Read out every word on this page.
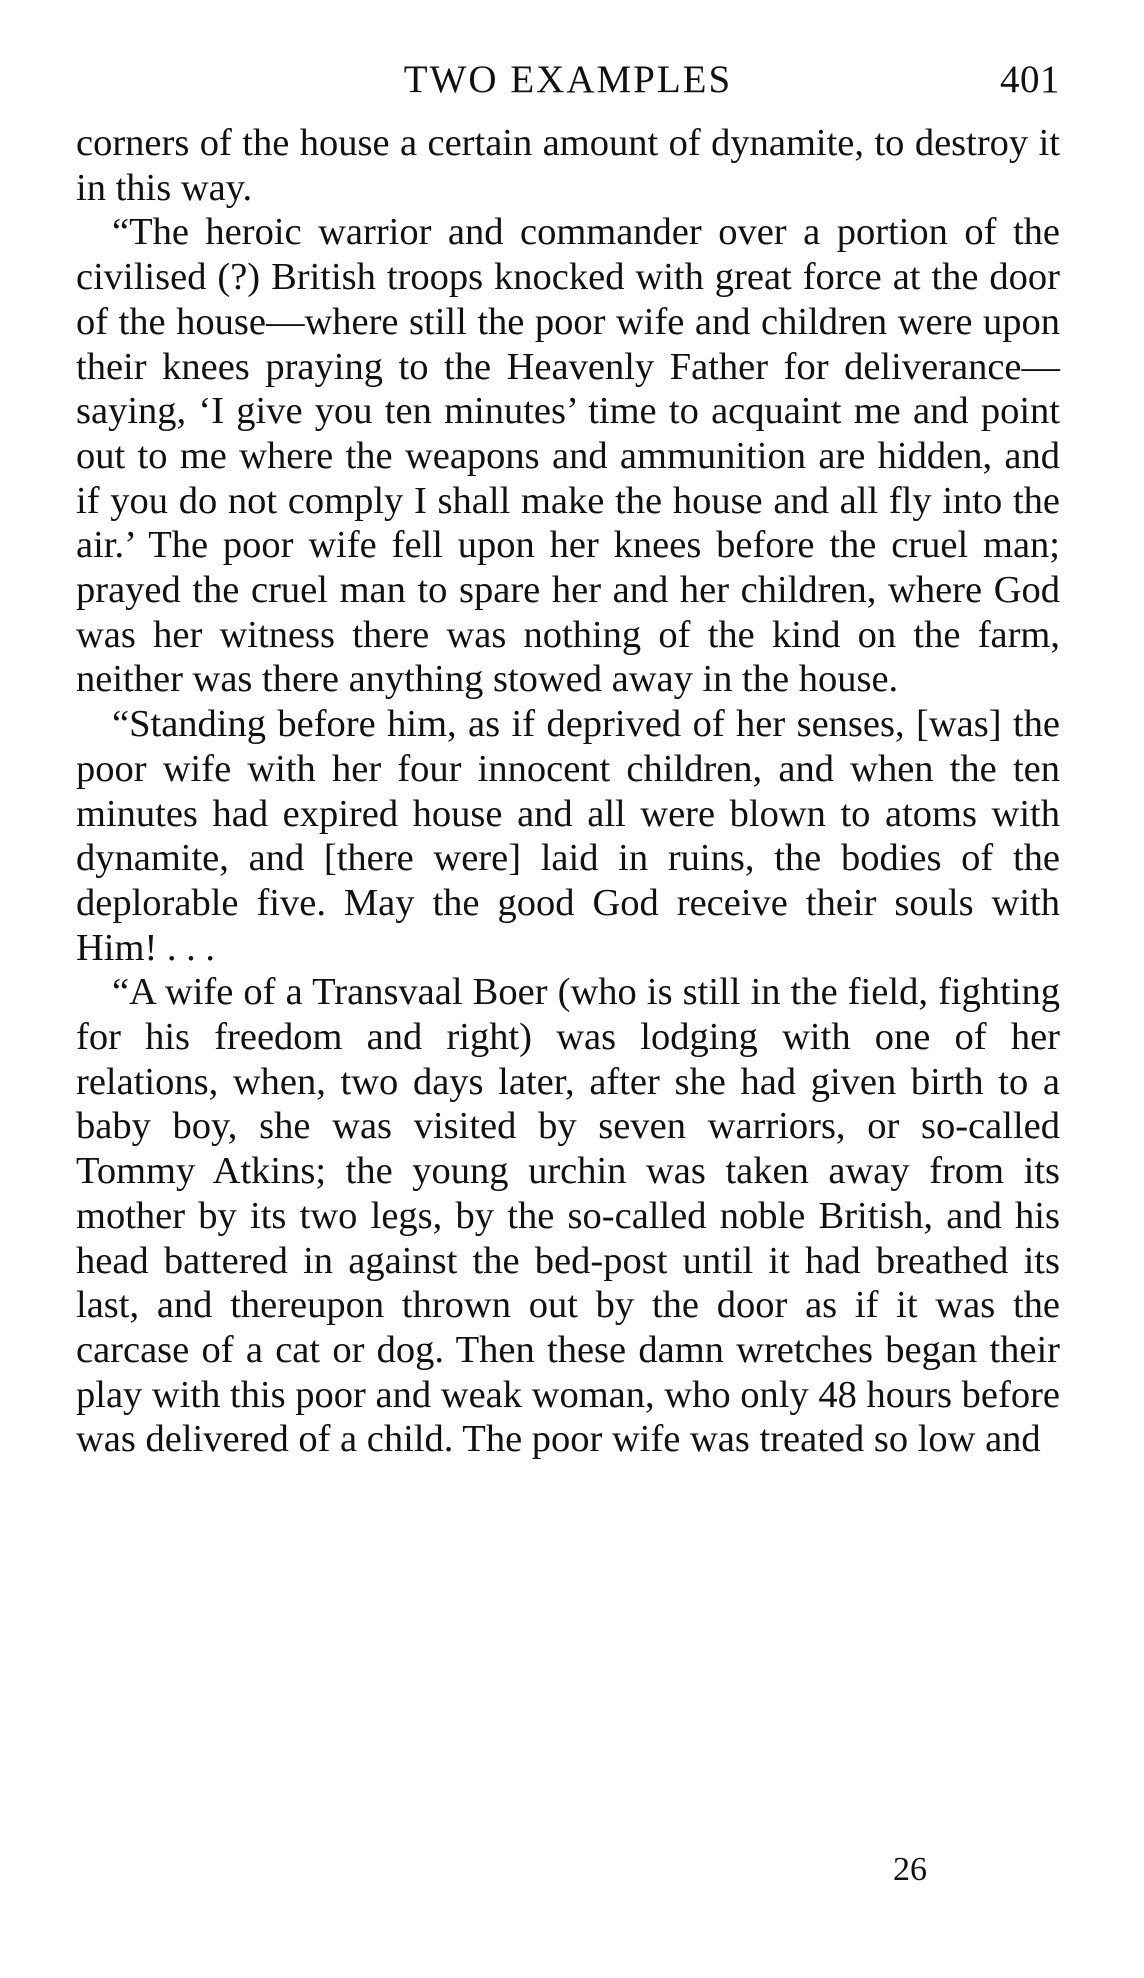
TWO EXAMPLES	401

corners of the house a certain amount of dynamite, to destroy it in this way.

“The heroic warrior and commander over a portion of the civilised (?) British troops knocked with great force at the door of the house—where still the poor wife and children were upon their knees praying to the Heavenly Father for deliverance—saying, ‘I give you ten minutes’ time to acquaint me and point out to me where the weapons and ammunition are hidden, and if you do not comply I shall make the house and all fly into the air.’ The poor wife fell upon her knees before the cruel man; prayed the cruel man to spare her and her children, where God was her witness there was nothing of the kind on the farm, neither was there anything stowed away in the house.

“Standing before him, as if deprived of her senses, [was] the poor wife with her four innocent children, and when the ten minutes had expired house and all were blown to atoms with dynamite, and [there were] laid in ruins, the bodies of the deplorable five. May the good God receive their souls with Him! . . .

“A wife of a Transvaal Boer (who is still in the field, fighting for his freedom and right) was lodging with one of her relations, when, two days later, after she had given birth to a baby boy, she was visited by seven warriors, or so-called Tommy Atkins; the young urchin was taken away from its mother by its two legs, by the so-called noble British, and his head battered in against the bed-post until it had breathed its last, and thereupon thrown out by the door as if it was the carcase of a cat or dog. Then these damn wretches began their play with this poor and weak woman, who only 48 hours before was delivered of a child. The poor wife was treated so low and

26
